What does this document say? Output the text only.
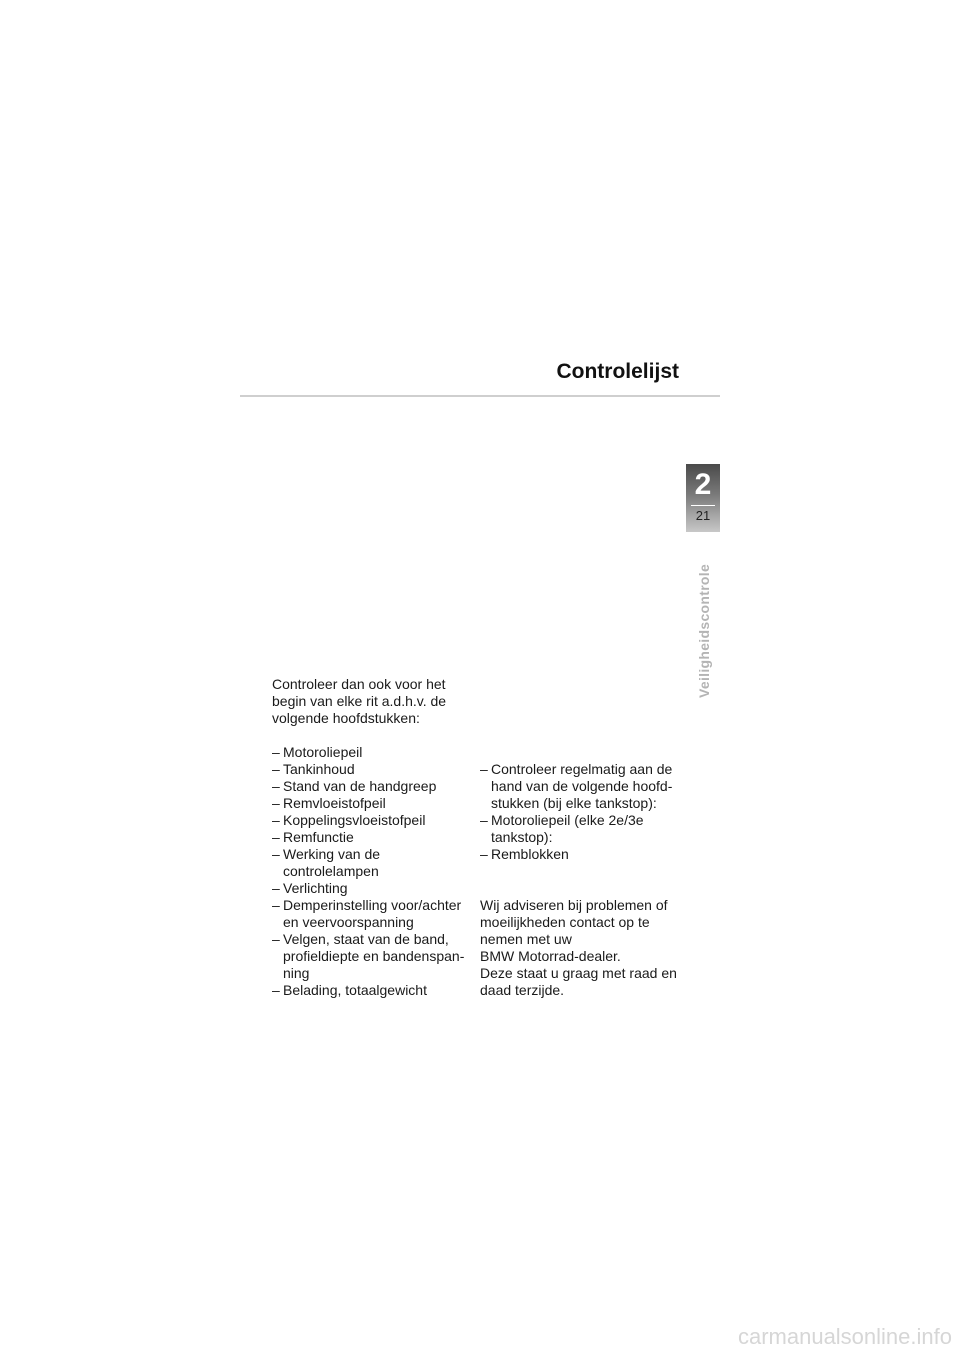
Controlelijst
2
21
Veiligheidscontrole

Controleer dan ook voor het

begin van elke rit a.d.h.v. de

volgende hoofdstukken:

– Motoroliepeil
– Tankinhoud
– Stand van de handgreep
– Remvloeistofpeil
– Koppelingsvloeistofpeil
– Remfunctie
– Werking van de controlelampen
– Verlichting
– Demperinstelling voor/achter en veervoorspanning
– Velgen, staat van de band, profieldiepte en bandenspan-ning
– Belading, totaalgewicht
– Controleer regelmatig aan de hand van de volgende hoofd-stukken (bij elke tankstop):
– Motoroliepeil (elke 2e/3e tankstop):
– Remblokken

Wij adviseren bij problemen of

moeilijkheden contact op te

nemen met uw

BMW Motorrad-dealer.

Deze staat u graag met raad en

daad terzijde.

carmanualsonline.info
